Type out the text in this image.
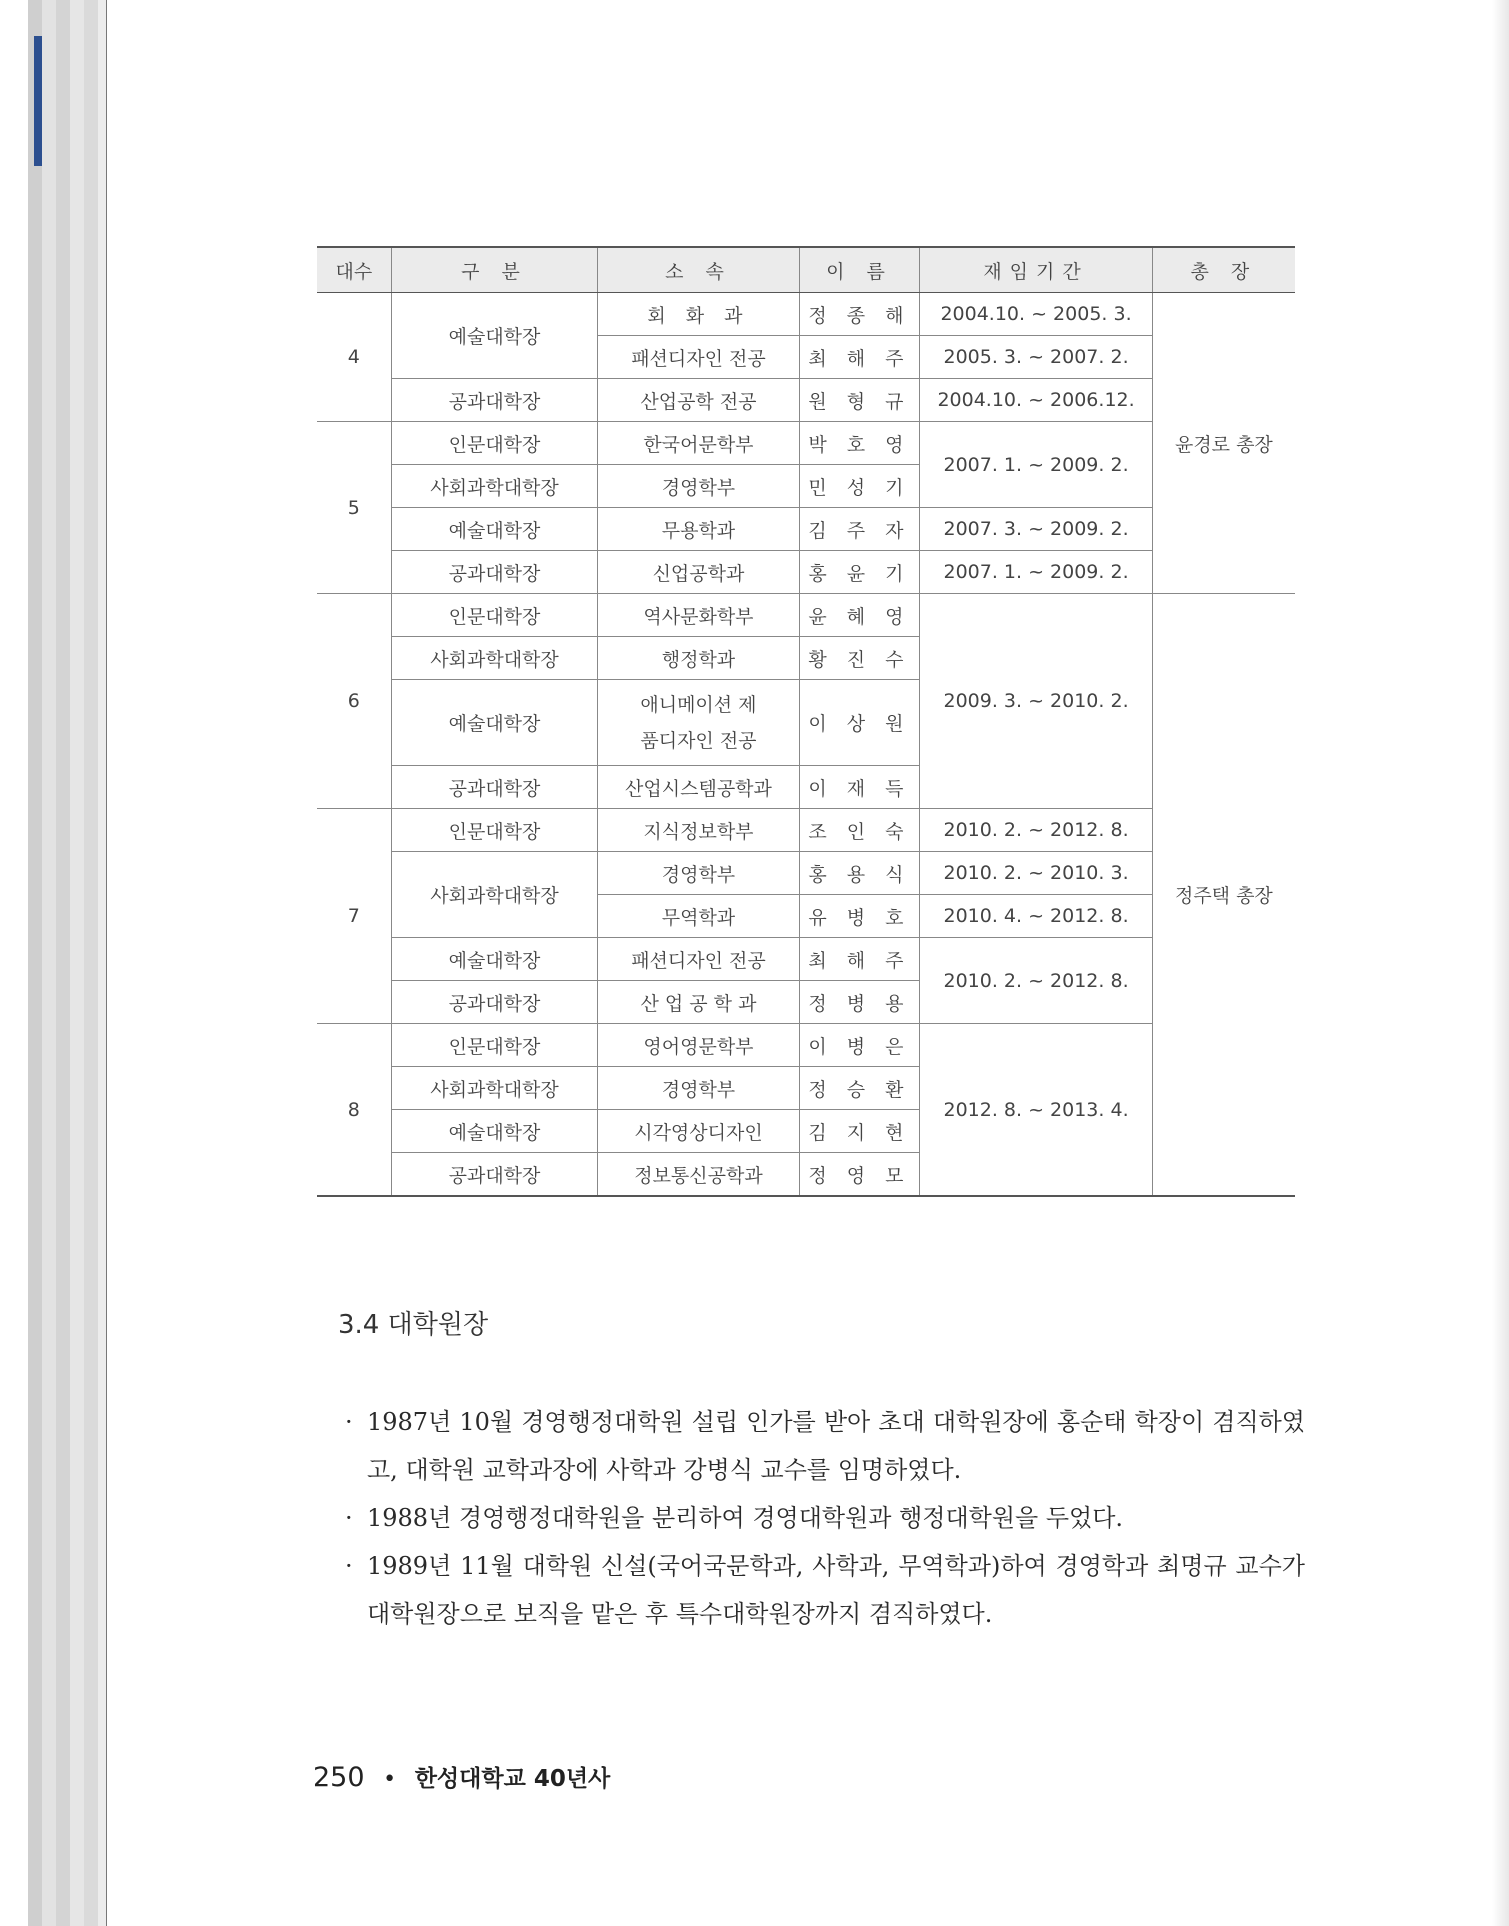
대수	구 분	소 속	이 름	재임기간	총 장
4	예술대학장	회 화 과	정 종 해	2004.10. ~ 2005. 3.	윤경로 총장
		패션디자인 전공	최 해 주	2005. 3. ~ 2007. 2.	
	공과대학장	산업공학 전공	원 형 규	2004.10. ~ 2006.12.	
5	인문대학장	한국어문학부	박 호 영	2007. 1. ~ 2009. 2.	
	사회과학대학장	경영학부	민 성 기		
	예술대학장	무용학과	김 주 자	2007. 3. ~ 2009. 2.	
	공과대학장	신업공학과	홍 윤 기	2007. 1. ~ 2009. 2.	
6	인문대학장	역사문화학부	윤 혜 영	2009. 3. ~ 2010. 2.	정주택 총장
	사회과학대학장	행정학과	황 진 수		
	예술대학장	애니메이션 제품디자인 전공	이 상 원		
	공과대학장	산업시스템공학과	이 재 득		
7	인문대학장	지식정보학부	조 인 숙	2010. 2. ~ 2012. 8.	
	사회과학대학장	경영학부	홍 용 식	2010. 2. ~ 2010. 3.	
		무역학과	유 병 호	2010. 4. ~ 2012. 8.	
	예술대학장	패션디자인 전공	최 해 주	2010. 2. ~ 2012. 8.	
	공과대학장	산 업 공 학 과	정 병 용		
8	인문대학장	영어영문학부	이 병 은	2012. 8. ~ 2013. 4.	
	사회과학대학장	경영학부	정 승 환		
	예술대학장	시각영상디자인	김 지 현		
	공과대학장	정보통신공학과	정 영 모		
3.4 대학원장
· 1987년 10월 경영행정대학원 설립 인가를 받아 초대 대학원장에 홍순태 학장이 겸직하였고, 대학원 교학과장에 사학과 강병식 교수를 임명하였다.
· 1988년 경영행정대학원을 분리하여 경영대학원과 행정대학원을 두었다.
· 1989년 11월 대학원 신설(국어국문학과, 사학과, 무역학과)하여 경영학과 최명규 교수가 대학원장으로 보직을 맡은 후 특수대학원장까지 겸직하였다.
250 • 한성대학교 40년사
